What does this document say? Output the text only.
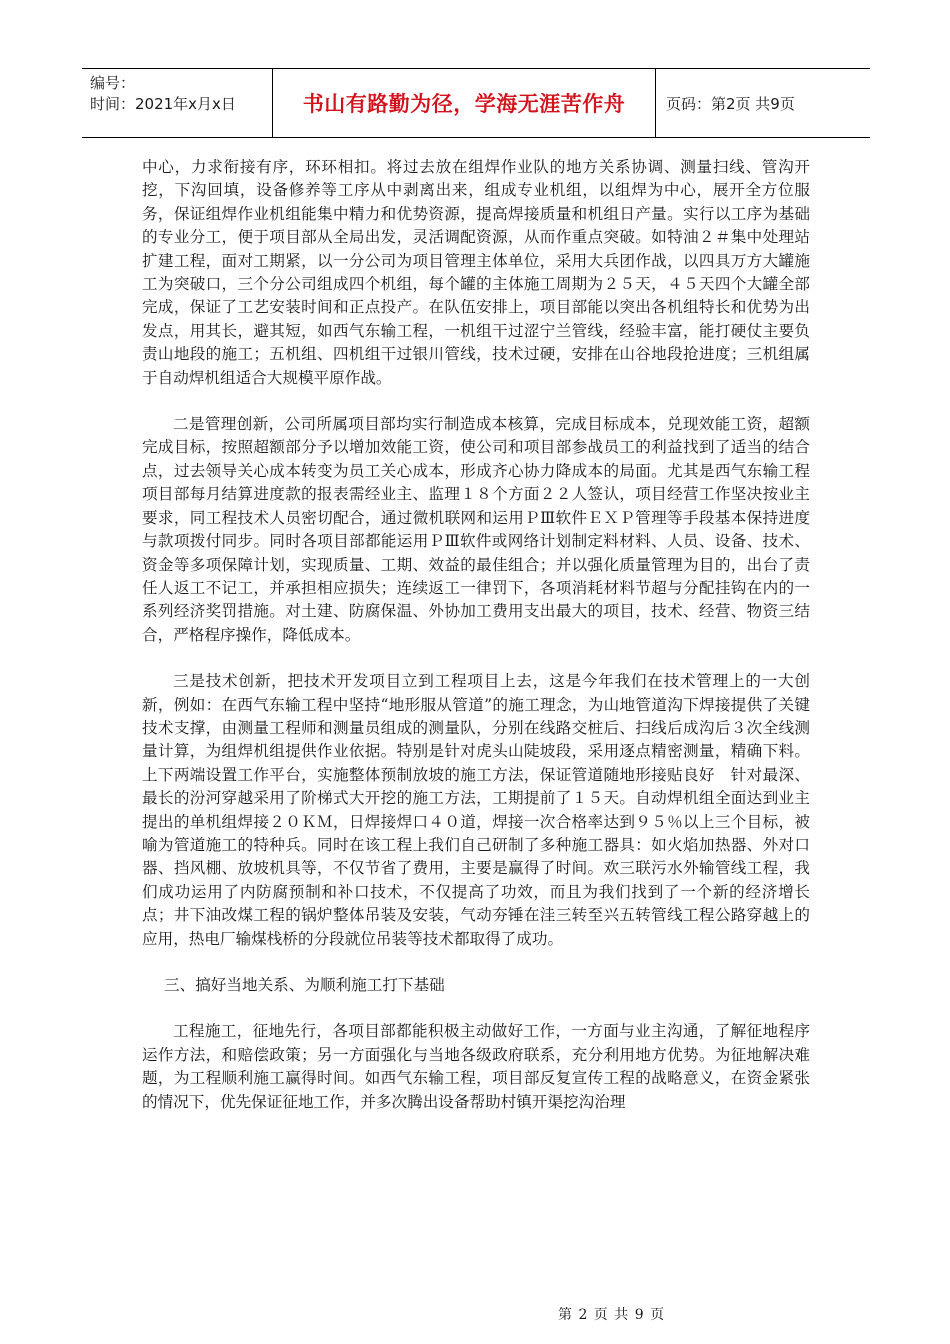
编号：
时间：2021年x月x日	书山有路勤为径，学海无涯苦作舟	页码：第2页 共9页

中心，力求衔接有序，环环相扣。将过去放在组焊作业队的地方关系协调、测量扫线、管沟开挖，下沟回填，设备修养等工序从中剥离出来，组成专业机组，以组焊为中心，展开全方位服务，保证组焊作业机组能集中精力和优势资源，提高焊接质量和机组日产量。实行以工序为基础的专业分工，便于项目部从全局出发，灵活调配资源，从而作重点突破。如特油２＃集中处理站扩建工程，面对工期紧，以一分公司为项目管理主体单位，采用大兵团作战，以四具万方大罐施工为突破口，三个分公司组成四个机组，每个罐的主体施工周期为２５天，４５天四个大罐全部完成，保证了工艺安装时间和正点投产。在队伍安排上，项目部能以突出各机组特长和优势为出发点，用其长，避其短，如西气东输工程，一机组干过涩宁兰管线，经验丰富，能打硬仗主要负责山地段的施工；五机组、四机组干过银川管线，技术过硬，安排在山谷地段抢进度；三机组属于自动焊机组适合大规模平原作战。

二是管理创新，公司所属项目部均实行制造成本核算，完成目标成本，兑现效能工资，超额完成目标，按照超额部分予以增加效能工资，使公司和项目部参战员工的利益找到了适当的结合点，过去领导关心成本转变为员工关心成本，形成齐心协力降成本的局面。尤其是西气东输工程项目部每月结算进度款的报表需经业主、监理１８个方面２２人签认，项目经营工作坚决按业主要求，同工程技术人员密切配合，通过微机联网和运用ＰⅢ软件ＥＸＰ管理等手段基本保持进度与款项拨付同步。同时各项目部都能运用ＰⅢ软件或网络计划制定料材料、人员、设备、技术、资金等多项保障计划，实现质量、工期、效益的最佳组合；并以强化质量管理为目的，出台了责任人返工不记工，并承担相应损失；连续返工一律罚下，各项消耗材料节超与分配挂钩在内的一系列经济奖罚措施。对土建、防腐保温、外协加工费用支出最大的项目，技术、经营、物资三结合，严格程序操作，降低成本。

三是技术创新，把技术开发项目立到工程项目上去，这是今年我们在技术管理上的一大创新，例如：在西气东输工程中坚持“地形服从管道”的施工理念，为山地管道沟下焊接提供了关键技术支撑，由测量工程师和测量员组成的测量队，分别在线路交桩后、扫线后成沟后３次全线测量计算，为组焊机组提供作业依据。特别是针对虎头山陡坡段，采用逐点精密测量，精确下料。上下两端设置工作平台，实施整体预制放坡的施工方法，保证管道随地形接贴良好　针对最深、最长的汾河穿越采用了阶梯式大开挖的施工方法，工期提前了１５天。自动焊机组全面达到业主提出的单机组焊接２０ＫＭ，日焊接焊口４０道，焊接一次合格率达到９５％以上三个目标，被喻为管道施工的特种兵。同时在该工程上我们自己研制了多种施工器具：如火焰加热器、外对口器、挡风棚、放坡机具等，不仅节省了费用，主要是赢得了时间。欢三联污水外输管线工程，我们成功运用了内防腐预制和补口技术，不仅提高了功效，而且为我们找到了一个新的经济增长点；井下油改煤工程的锅炉整体吊装及安装，气动夯锤在洼三转至兴五转管线工程公路穿越上的应用，热电厂输煤栈桥的分段就位吊装等技术都取得了成功。

三、搞好当地关系、为顺利施工打下基础

工程施工，征地先行，各项目部都能积极主动做好工作，一方面与业主沟通，了解征地程序运作方法，和赔偿政策；另一方面强化与当地各级政府联系，充分利用地方优势。为征地解决难题，为工程顺利施工赢得时间。如西气东输工程，项目部反复宣传工程的战略意义，在资金紧张的情况下，优先保证征地工作，并多次腾出设备帮助村镇开渠挖沟治理

第 2 页 共 9 页
